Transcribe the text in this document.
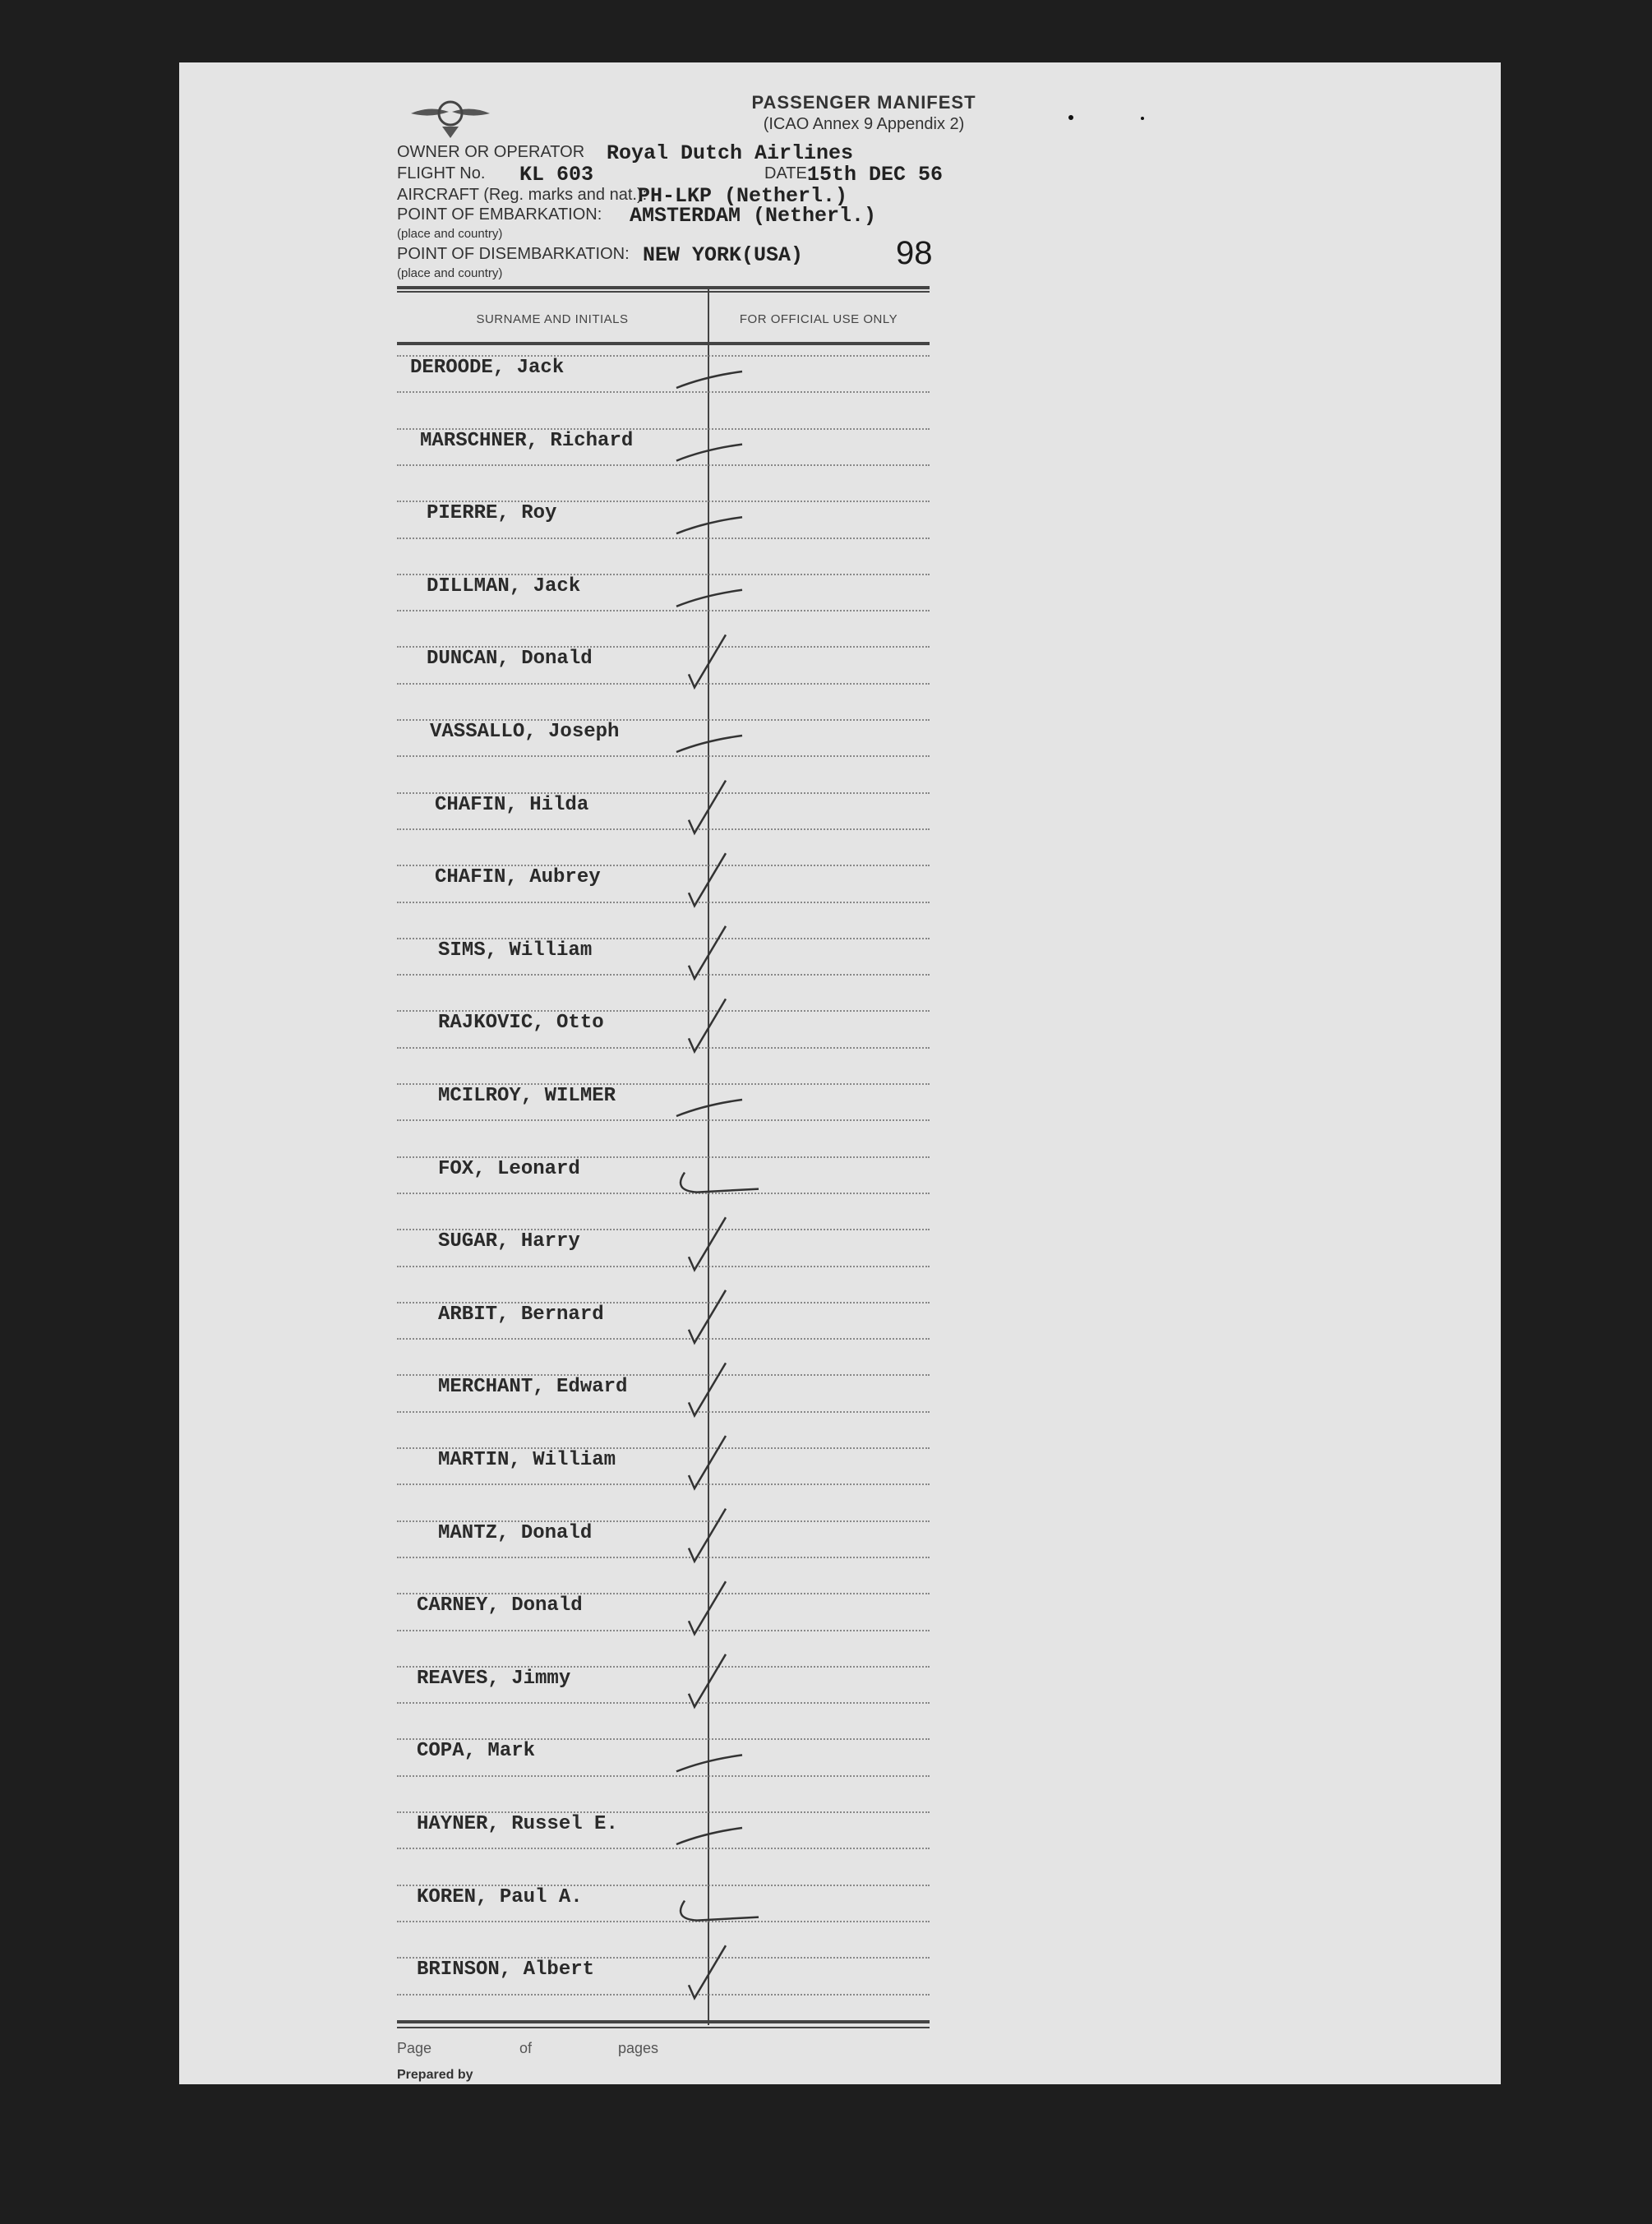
PASSENGER MANIFEST
(ICAO Annex 9 Appendix 2)
OWNER OR OPERATOR Royal Dutch Airlines
FLIGHT No. KL 603	DATE:
15th DEC 56
AIRCRAFT (Reg. marks and nat.):
PH-LKP (Netherl.)
POINT OF EMBARKATION: AMSTERDAM (Netherl.)
(place and country)
POINT OF DISEMBARKATION: NEW YORK(USA)
(place and country)
98
SURNAME AND INITIALS	FOR OFFICIAL USE ONLY
DEROODE, Jack
MARSCHNER, Richard
PIERRE, Roy
DILLMAN, Jack
DUNCAN, Donald
VASSALLO, Joseph
CHAFIN, Hilda
CHAFIN, Aubrey
SIMS, William
RAJKOVIC, Otto
MCILROY, WILMER
FOX, Leonard
SUGAR, Harry
ARBIT, Bernard
MERCHANT, Edward
MARTIN, William
MANTZ, Donald
CARNEY, Donald
REAVES, Jimmy
COPA, Mark
HAYNER, Russel E.
KOREN, Paul A.
BRINSON, Albert
Page	of	pages
Prepared by
